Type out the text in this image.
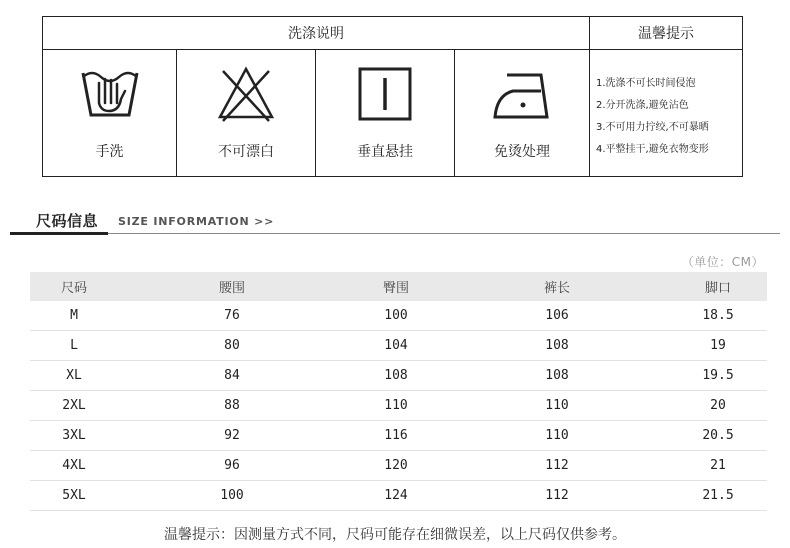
洗涤说明	温馨提示
手洗	不可漂白	垂直悬挂	免烫处理
1.洗涤不可长时间侵泡
2.分开洗涤,避免沾色
3.不可用力拧绞,不可暴晒
4.平整挂干,避免衣物变形
尺码信息 SIZE INFORMATION >>
（单位：CM）
尺码	腰围	臀围	裤长	脚口
M	76	100	106	18.5
L	80	104	108	19
XL	84	108	108	19.5
2XL	88	110	110	20
3XL	92	116	110	20.5
4XL	96	120	112	21
5XL	100	124	112	21.5
温馨提示：因测量方式不同，尺码可能存在细微误差，以上尺码仅供参考。
